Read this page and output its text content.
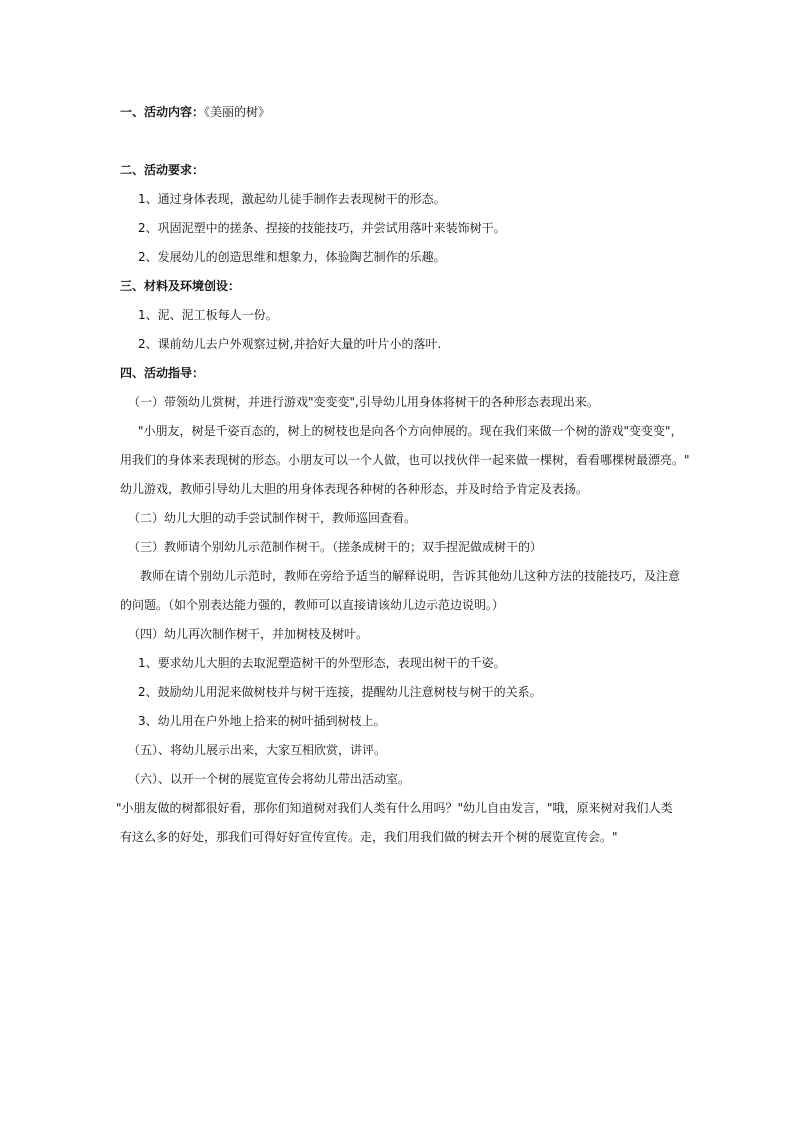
一、活动内容：《美丽的树》
二、活动要求：
1、通过身体表现，激起幼儿徒手制作去表现树干的形态。
2、巩固泥塑中的搓条、捏接的技能技巧，并尝试用落叶来装饰树干。
2、发展幼儿的创造思维和想象力，体验陶艺制作的乐趣。
三、材料及环境创设：
1、泥、泥工板每人一份。
2、课前幼儿去户外观察过树,并拾好大量的叶片小的落叶.
四、活动指导：
（一）带领幼儿赏树，并进行游戏"变变变",引导幼儿用身体将树干的各种形态表现出来。
"小朋友，树是千姿百态的，树上的树枝也是向各个方向伸展的。现在我们来做一个树的游戏"变变变"，
用我们的身体来表现树的形态。小朋友可以一个人做，也可以找伙伴一起来做一棵树，看看哪棵树最漂亮。"
幼儿游戏，教师引导幼儿大胆的用身体表现各种树的各种形态，并及时给予肯定及表扬。
（二）幼儿大胆的动手尝试制作树干，教师巡回查看。
（三）教师请个别幼儿示范制作树干。（搓条成树干的；双手捏泥做成树干的）
教师在请个别幼儿示范时，教师在旁给予适当的解释说明，告诉其他幼儿这种方法的技能技巧，及注意
的问题。（如个别表达能力强的，教师可以直接请该幼儿边示范边说明。）
（四）幼儿再次制作树干，并加树枝及树叶。
1、要求幼儿大胆的去取泥塑造树干的外型形态，表现出树干的千姿。
2、鼓励幼儿用泥来做树枝并与树干连接，提醒幼儿注意树枝与树干的关系。
3、幼儿用在户外地上拾来的树叶插到树枝上。
（五）、将幼儿展示出来，大家互相欣赏，讲评。
（六）、以开一个树的展览宣传会将幼儿带出活动室。
"小朋友做的树都很好看，那你们知道树对我们人类有什么用吗？"幼儿自由发言，"哦，原来树对我们人类
有这么多的好处，那我们可得好好宣传宣传。走，我们用我们做的树去开个树的展览宣传会。"
